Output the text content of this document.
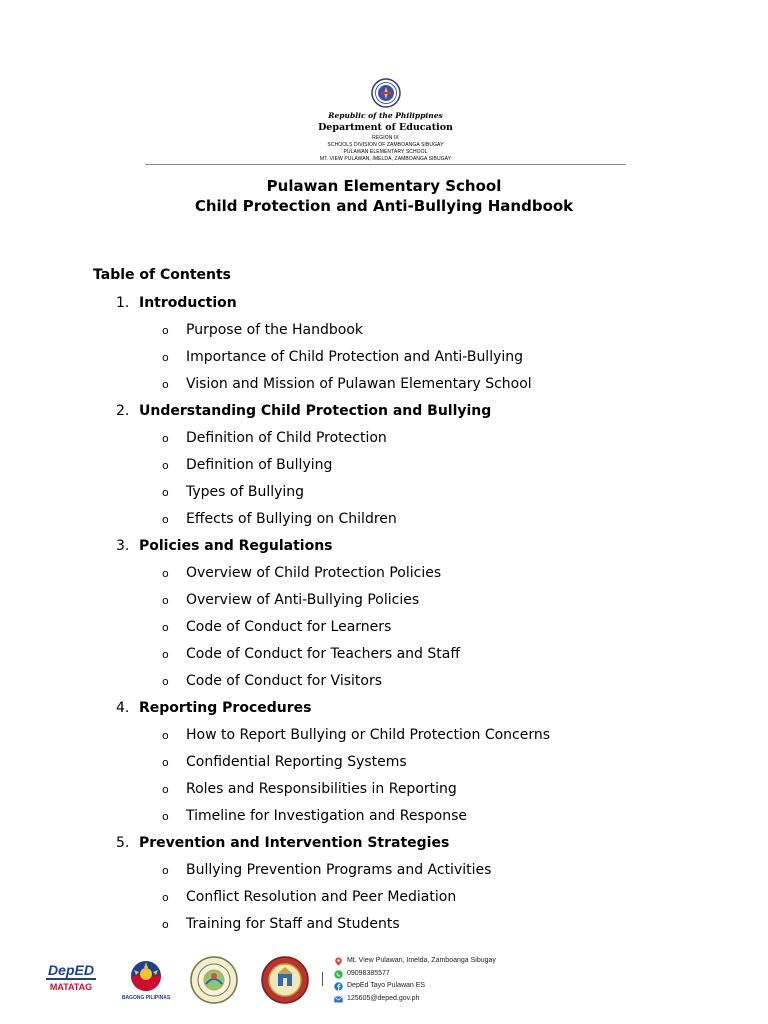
Republic of the Philippines
Department of Education
REGION IX
SCHOOLS DIVISION OF ZAMBOANGA SIBUGAY
PULAWAN ELEMENTARY SCHOOL
MT. VIEW PULAWAN, IMELDA, ZAMBOANGA SIBUGAY
Pulawan Elementary School
Child Protection and Anti-Bullying Handbook
Table of Contents
1. Introduction
o Purpose of the Handbook
o Importance of Child Protection and Anti-Bullying
o Vision and Mission of Pulawan Elementary School
2. Understanding Child Protection and Bullying
o Definition of Child Protection
o Definition of Bullying
o Types of Bullying
o Effects of Bullying on Children
3. Policies and Regulations
o Overview of Child Protection Policies
o Overview of Anti-Bullying Policies
o Code of Conduct for Learners
o Code of Conduct for Teachers and Staff
o Code of Conduct for Visitors
4. Reporting Procedures
o How to Report Bullying or Child Protection Concerns
o Confidential Reporting Systems
o Roles and Responsibilities in Reporting
o Timeline for Investigation and Response
5. Prevention and Intervention Strategies
o Bullying Prevention Programs and Activities
o Conflict Resolution and Peer Mediation
o Training for Staff and Students
DepED
MATATAG
BAGONG PILIPINAS
Mt. View Pulawan, Imelda, Zamboanga Sibugay
09098385577
DepEd Tayo Pulawan ES
125605@deped.gov.ph
